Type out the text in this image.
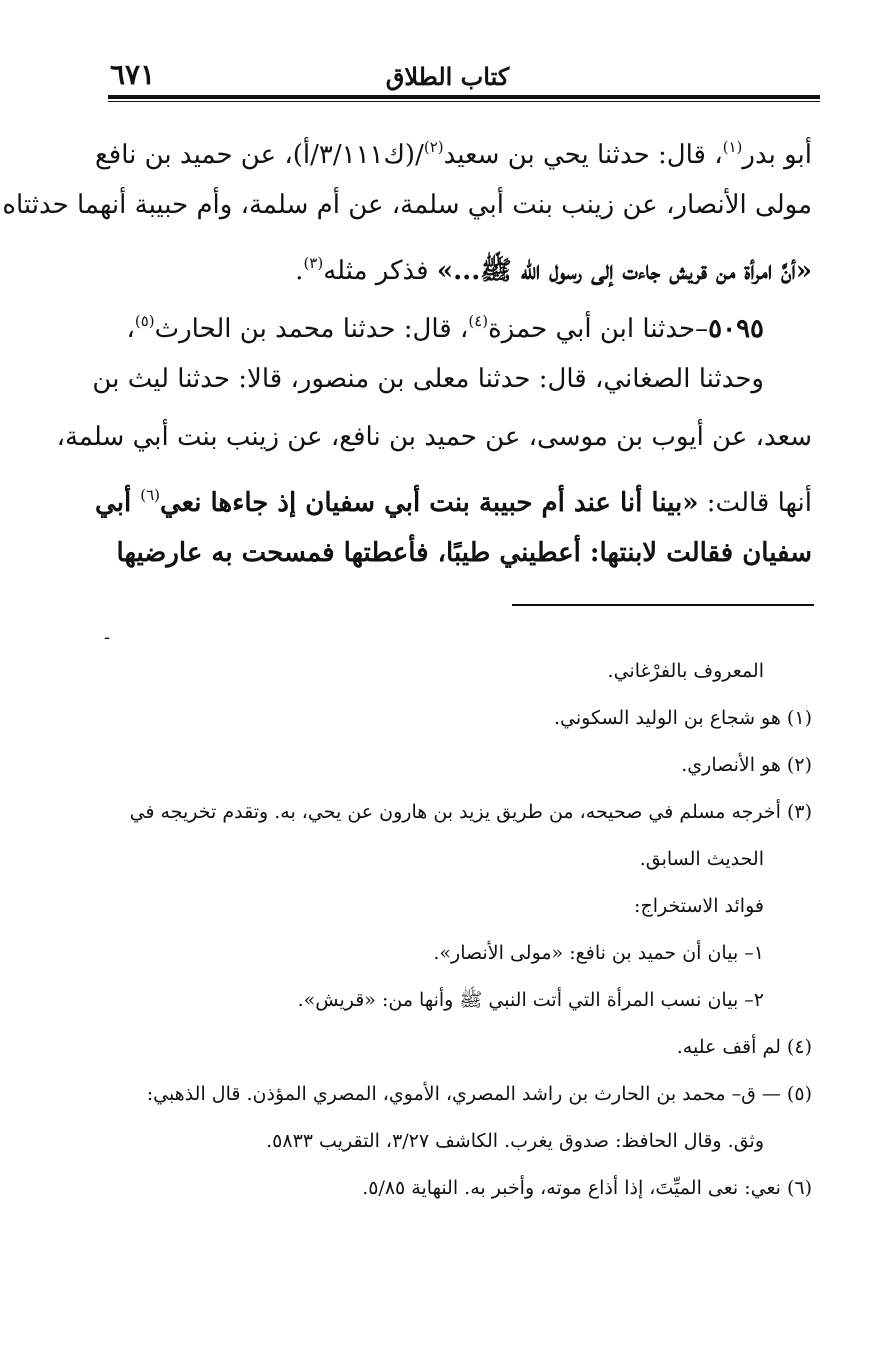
٦٧١	كتاب الطلاق
أبو بدر$^{(١)}$، قال: حدثنا يحي بن سعيد$^{(٢)}$/(ك٣/١١١/أ)، عن حميد بن نافع
مولى الأنصار، عن زينب بنت أبي سلمة، عن أم سلمة، وأم حبيبة أنهما حدثتاه
«أنَّ امرأة من قريش جاءت إلى رسول الله ﷺ...» فذكر مثله$^{(٣)}$.
٥٠٩٥–حدثنا ابن أبي حمزة$^{(٤)}$، قال: حدثنا محمد بن الحارث$^{(٥)}$،
وحدثنا الصغاني، قال: حدثنا معلى بن منصور، قالا: حدثنا ليث بن
سعد، عن أيوب بن موسى، عن حميد بن نافع، عن زينب بنت أبي سلمة،
أنها قالت: «بينا أنا عند أم حبيبة بنت أبي سفيان إذ جاءها نعي$^{(٦)}$ أبي
سفيان فقالت لابنتها: أعطيني طيبًا، فأعطتها فمسحت به عارضيها
-
المعروف بالفرْغاني.
(١) هو شجاع بن الوليد السكوني.
(٢) هو الأنصاري.
(٣) أخرجه مسلم في صحيحه، من طريق يزيد بن هارون عن يحي، به. وتقدم تخريجه في
الحديث السابق.
فوائد الاستخراج:
١– بيان أن حميد بن نافع: «مولى الأنصار».
٢– بيان نسب المرأة التي أتت النبي ﷺ وأنها من: «قريش».
(٤) لم أقف عليه.
(٥) — ق– محمد بن الحارث بن راشد المصري، الأموي، المصري المؤذن. قال الذهبي:
وثق. وقال الحافظ: صدوق يغرب. الكاشف ٣/٢٧، التقريب ٥٨٣٣.
(٦) نعي: نعى الميِّتَ، إذا أذاع موته، وأخبر به. النهاية ٥/٨٥.
